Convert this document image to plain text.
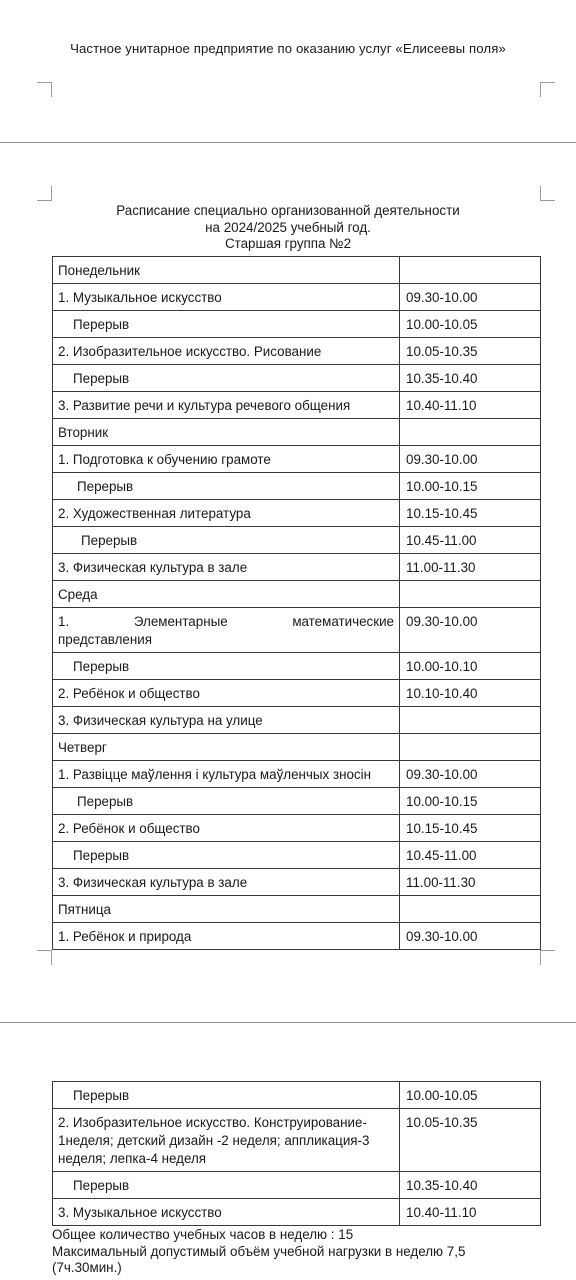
Частное унитарное предприятие по оказанию услуг «Елисеевы поля»
Расписание специально организованной деятельности
на 2024/2025 учебный год.
Старшая группа №2
Понедельник	
1. Музыкальное искусство	09.30-10.00
Перерыв	10.00-10.05
2. Изобразительное искусство. Рисование	10.05-10.35
Перерыв	10.35-10.40
3. Развитие речи и культура речевого общения	10.40-11.10
Вторник	
1. Подготовка к обучению грамоте	09.30-10.00
Перерыв	10.00-10.15
2. Художественная литература	10.15-10.45
Перерыв	10.45-11.00
3. Физическая культура в зале	11.00-11.30
Среда	

1. Элементарные математические
представления	09.30-10.00
Перерыв	10.00-10.10
2. Ребёнок и общество	10.10-10.40
3. Физическая культура на улице	
Четверг	
1. Развіцце маўлення і культура маўленчых зносін	09.30-10.00
Перерыв	10.00-10.15
2. Ребёнок и общество	10.15-10.45
Перерыв	10.45-11.00
3. Физическая культура в зале	11.00-11.30
Пятница	
1. Ребёнок и природа	09.30-10.00
Перерыв	10.00-10.05
2. Изобразительное искусство. Конструирование- 1неделя; детский дизайн -2 неделя; аппликация-3 неделя; лепка-4 неделя	10.05-10.35
Перерыв	10.35-10.40
3. Музыкальное искусство	10.40-11.10
Общее количество учебных часов в неделю : 15
Максимальный допустимый объём учебной нагрузки в неделю 7,5
(7ч.30мин.)
